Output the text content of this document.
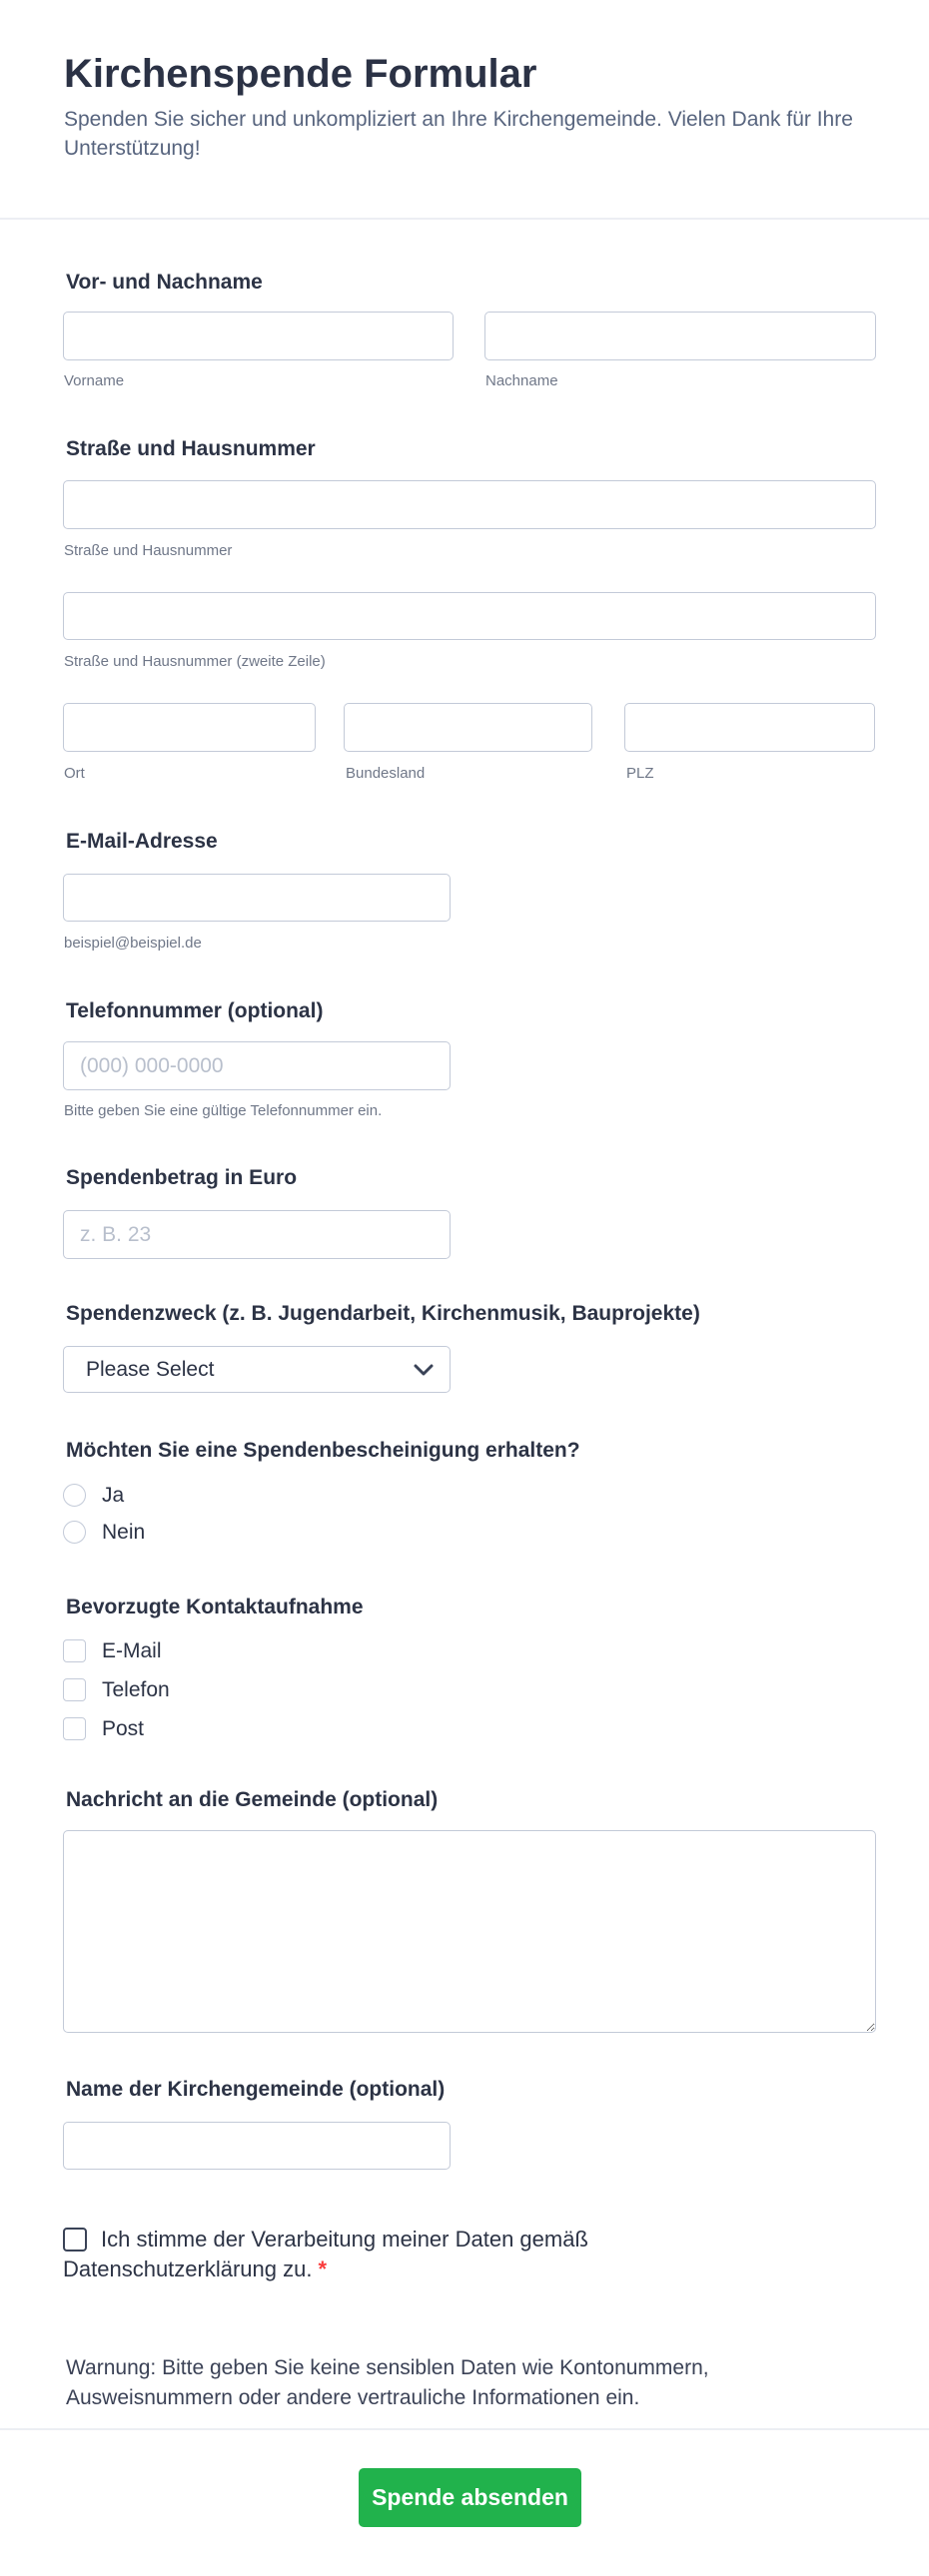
Kirchenspende Formular

Spenden Sie sicher und unkompliziert an Ihre Kirchengemeinde. Vielen Dank für Ihre Unterstützung!

Vor- und Nachname
Vorname	Nachname
Straße und Hausnummer
Straße und Hausnummer
Straße und Hausnummer (zweite Zeile)
Ort	Bundesland	PLZ
E-Mail-Adresse
beispiel@beispiel.de
Telefonnummer (optional)
(000) 000-0000
Bitte geben Sie eine gültige Telefonnummer ein.
Spendenbetrag in Euro
z. B. 23
Spendenzweck (z. B. Jugendarbeit, Kirchenmusik, Bauprojekte)
Please Select
Möchten Sie eine Spendenbescheinigung erhalten?
Ja
Nein
Bevorzugte Kontaktaufnahme
E-Mail
Telefon
Post
Nachricht an die Gemeinde (optional)
Name der Kirchengemeinde (optional)
Ich stimme der Verarbeitung meiner Daten gemäß Datenschutzerklärung zu. *

Warnung: Bitte geben Sie keine sensiblen Daten wie Kontonummern, Ausweisnummern oder andere vertrauliche Informationen ein.

Spende absenden
